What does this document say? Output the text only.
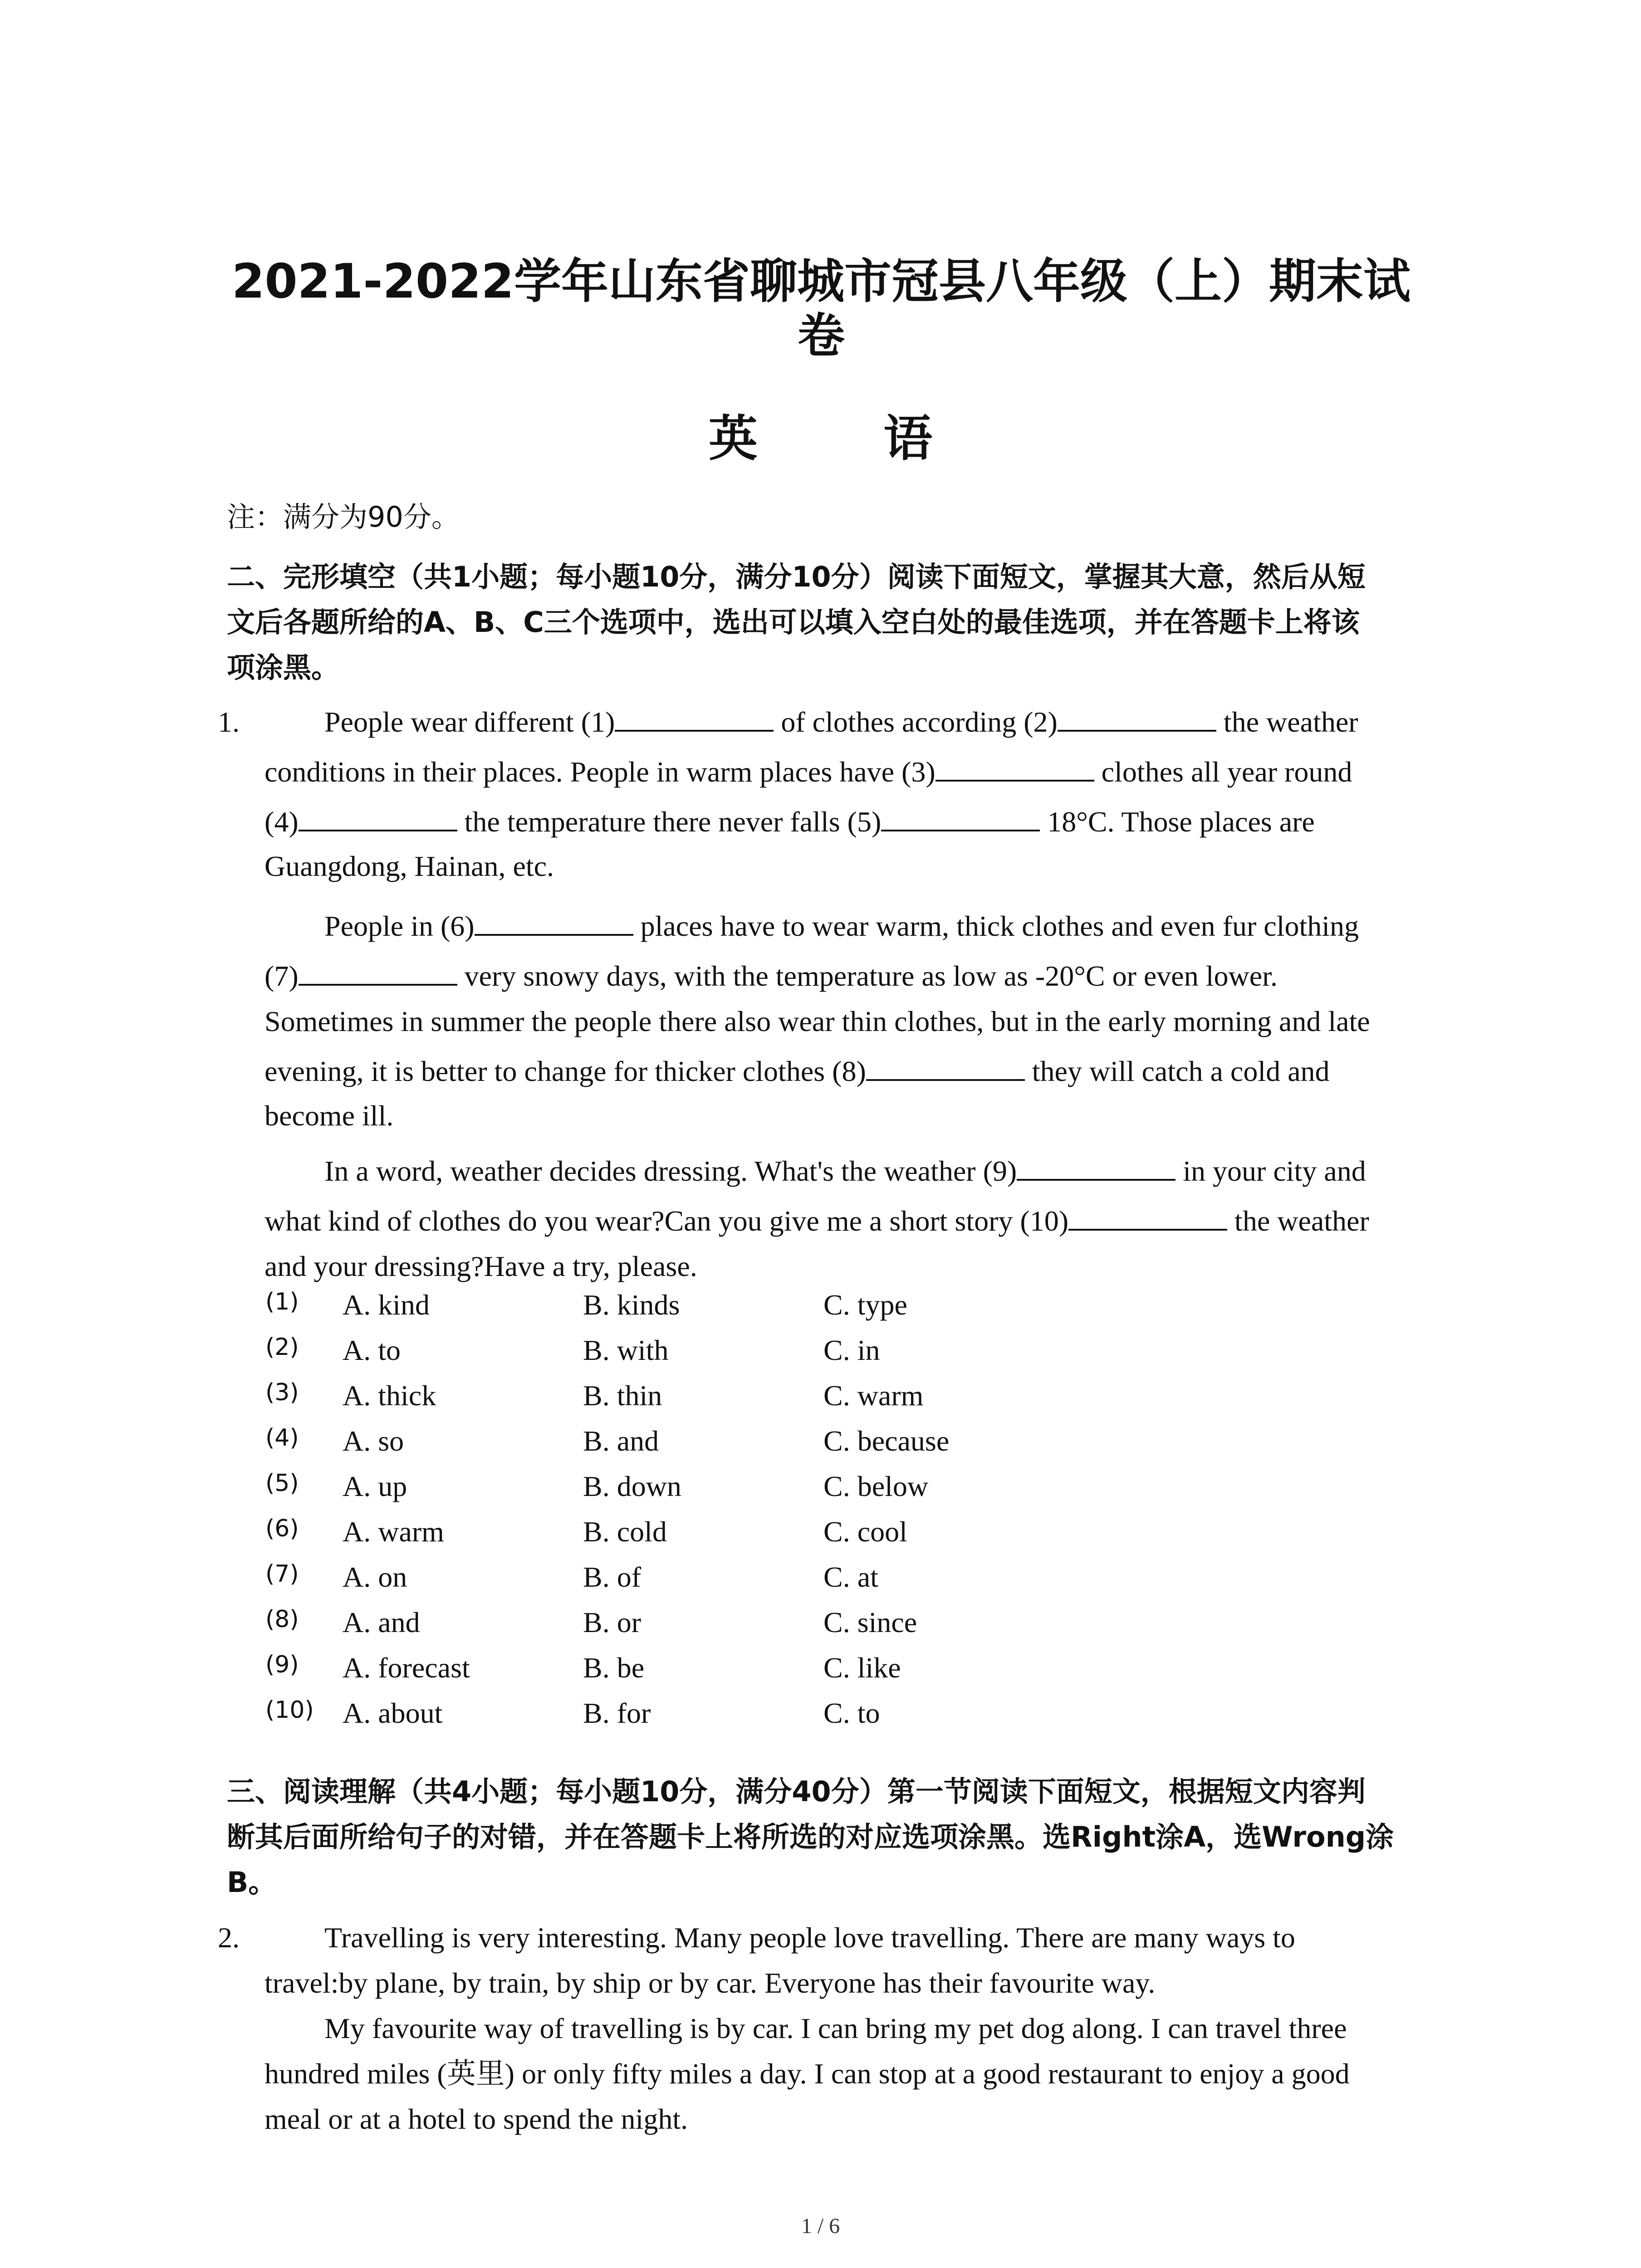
2021-2022学年山东省聊城市冠县八年级（上）期末试
卷
英 语
注：满分为90分。
二、完形填空（共1小题；每小题10分，满分10分）阅读下面短文，掌握其大意，然后从短
文后各题所给的A、B、C三个选项中，选出可以填入空白处的最佳选项，并在答题卡上将该
项涂黑。
1.	People wear different (1)	of clothes according (2)	the weather
conditions in their places. People in warm places have (3)	clothes all year round
(4)	the temperature there never falls (5)	18°C. Those places are
Guangdong, Hainan, etc.
People in (6)	places have to wear warm, thick clothes and even fur clothing
(7)	very snowy days, with the temperature as low as -20°C or even lower.
Sometimes in summer the people there also wear thin clothes, but in the early morning and late
evening, it is better to change for thicker clothes (8)	they will catch a cold and
become ill.
In a word, weather decides dressing. What's the weather (9)	in your city and
what kind of clothes do you wear?Can you give me a short story (10)	the weather
and your dressing?Have a try, please.
(1) A. kind	B. kinds	C. type
(2) A. to	B. with	C. in
(3) A. thick	B. thin	C. warm
(4) A. so	B. and	C. because
(5) A. up	B. down	C. below
(6) A. warm	B. cold	C. cool
(7) A. on	B. of	C. at
(8) A. and	B. or	C. since
(9) A. forecast	B. be	C. like
(10) A. about	B. for	C. to
三、阅读理解（共4小题；每小题10分，满分40分）第一节阅读下面短文，根据短文内容判
断其后面所给句子的对错，并在答题卡上将所选的对应选项涂黑。选Right涂A，选Wrong涂
B。
2.	Travelling is very interesting. Many people love travelling. There are many ways to
travel:by plane, by train, by ship or by car. Everyone has their favourite way.
My favourite way of travelling is by car. I can bring my pet dog along. I can travel three
hundred miles (英里) or only fifty miles a day. I can stop at a good restaurant to enjoy a good
meal or at a hotel to spend the night.
1 / 6
